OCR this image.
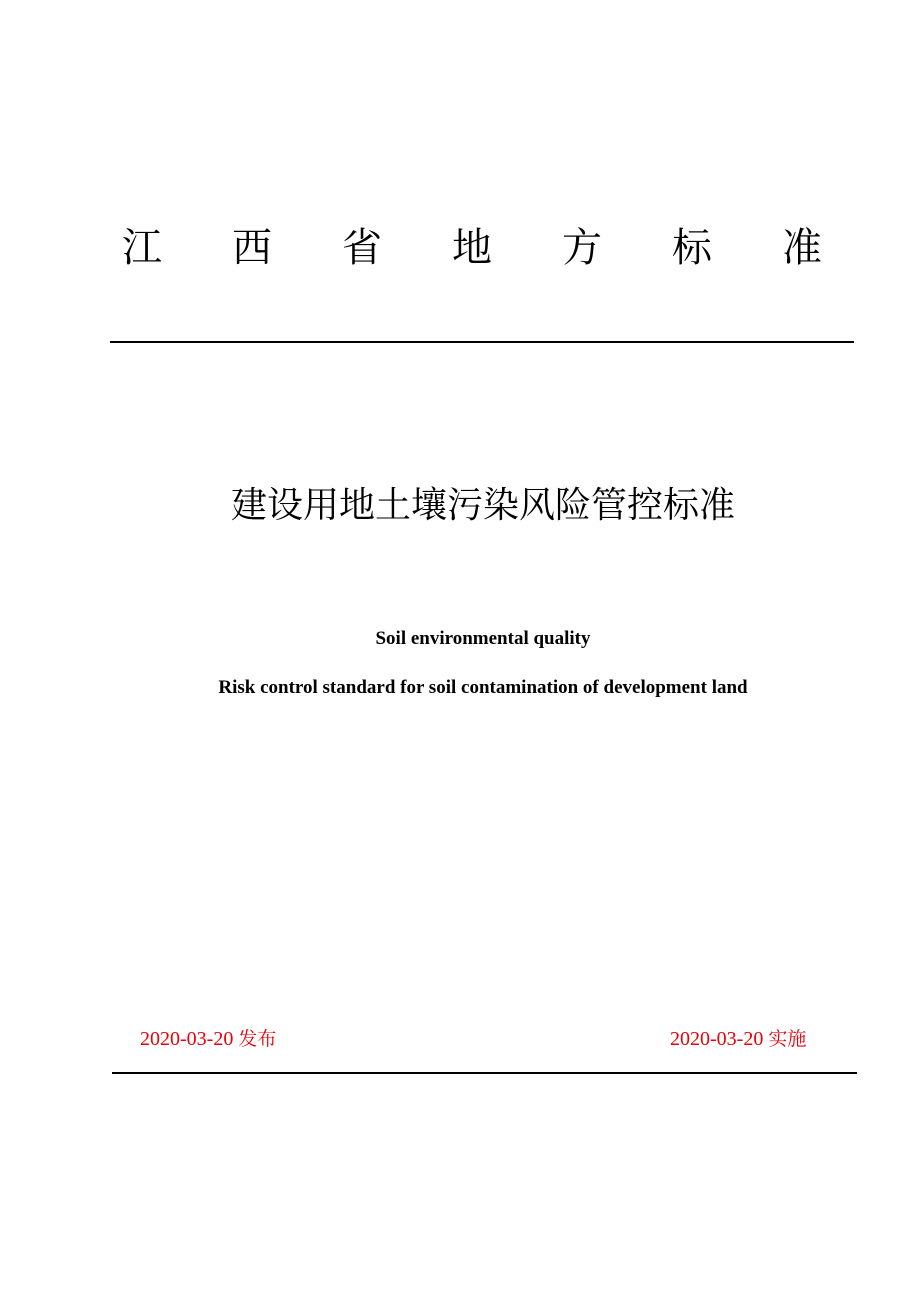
江 西 省 地 方 标 准
建设用地土壤污染风险管控标准

Soil environmental quality

Risk control standard for soil contamination of development land

2020-03-20 发布	2020-03-20 实施
